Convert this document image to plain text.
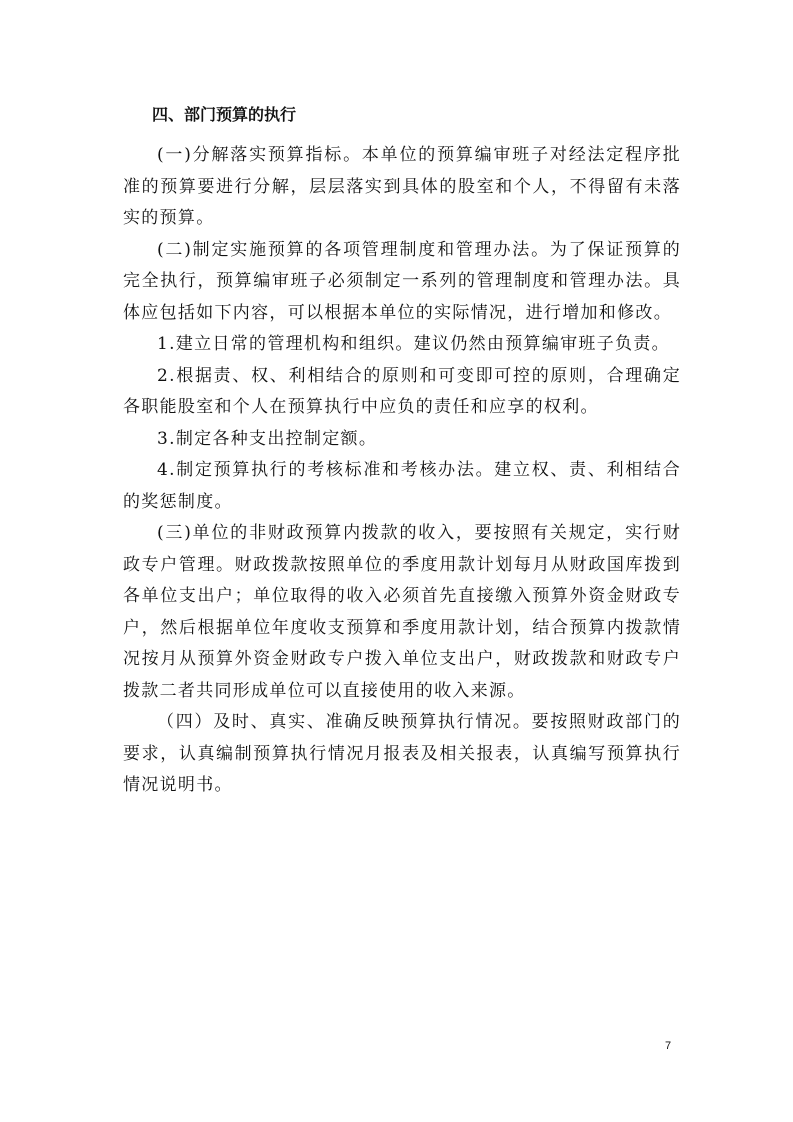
四、部门预算的执行

(一)分解落实预算指标。本单位的预算编审班子对经法定程序批准的预算要进行分解，层层落实到具体的股室和个人，不得留有未落实的预算。

(二)制定实施预算的各项管理制度和管理办法。为了保证预算的完全执行，预算编审班子必须制定一系列的管理制度和管理办法。具体应包括如下内容，可以根据本单位的实际情况，进行增加和修改。

1.建立日常的管理机构和组织。建议仍然由预算编审班子负责。

2.根据责、权、利相结合的原则和可变即可控的原则，合理确定各职能股室和个人在预算执行中应负的责任和应享的权利。

3.制定各种支出控制定额。

4.制定预算执行的考核标准和考核办法。建立权、责、利相结合的奖惩制度。

(三)单位的非财政预算内拨款的收入，要按照有关规定，实行财政专户管理。财政拨款按照单位的季度用款计划每月从财政国库拨到各单位支出户；单位取得的收入必须首先直接缴入预算外资金财政专户，然后根据单位年度收支预算和季度用款计划，结合预算内拨款情况按月从预算外资金财政专户拨入单位支出户，财政拨款和财政专户拨款二者共同形成单位可以直接使用的收入来源。

（四）及时、真实、准确反映预算执行情况。要按照财政部门的要求，认真编制预算执行情况月报表及相关报表，认真编写预算执行情况说明书。

7
